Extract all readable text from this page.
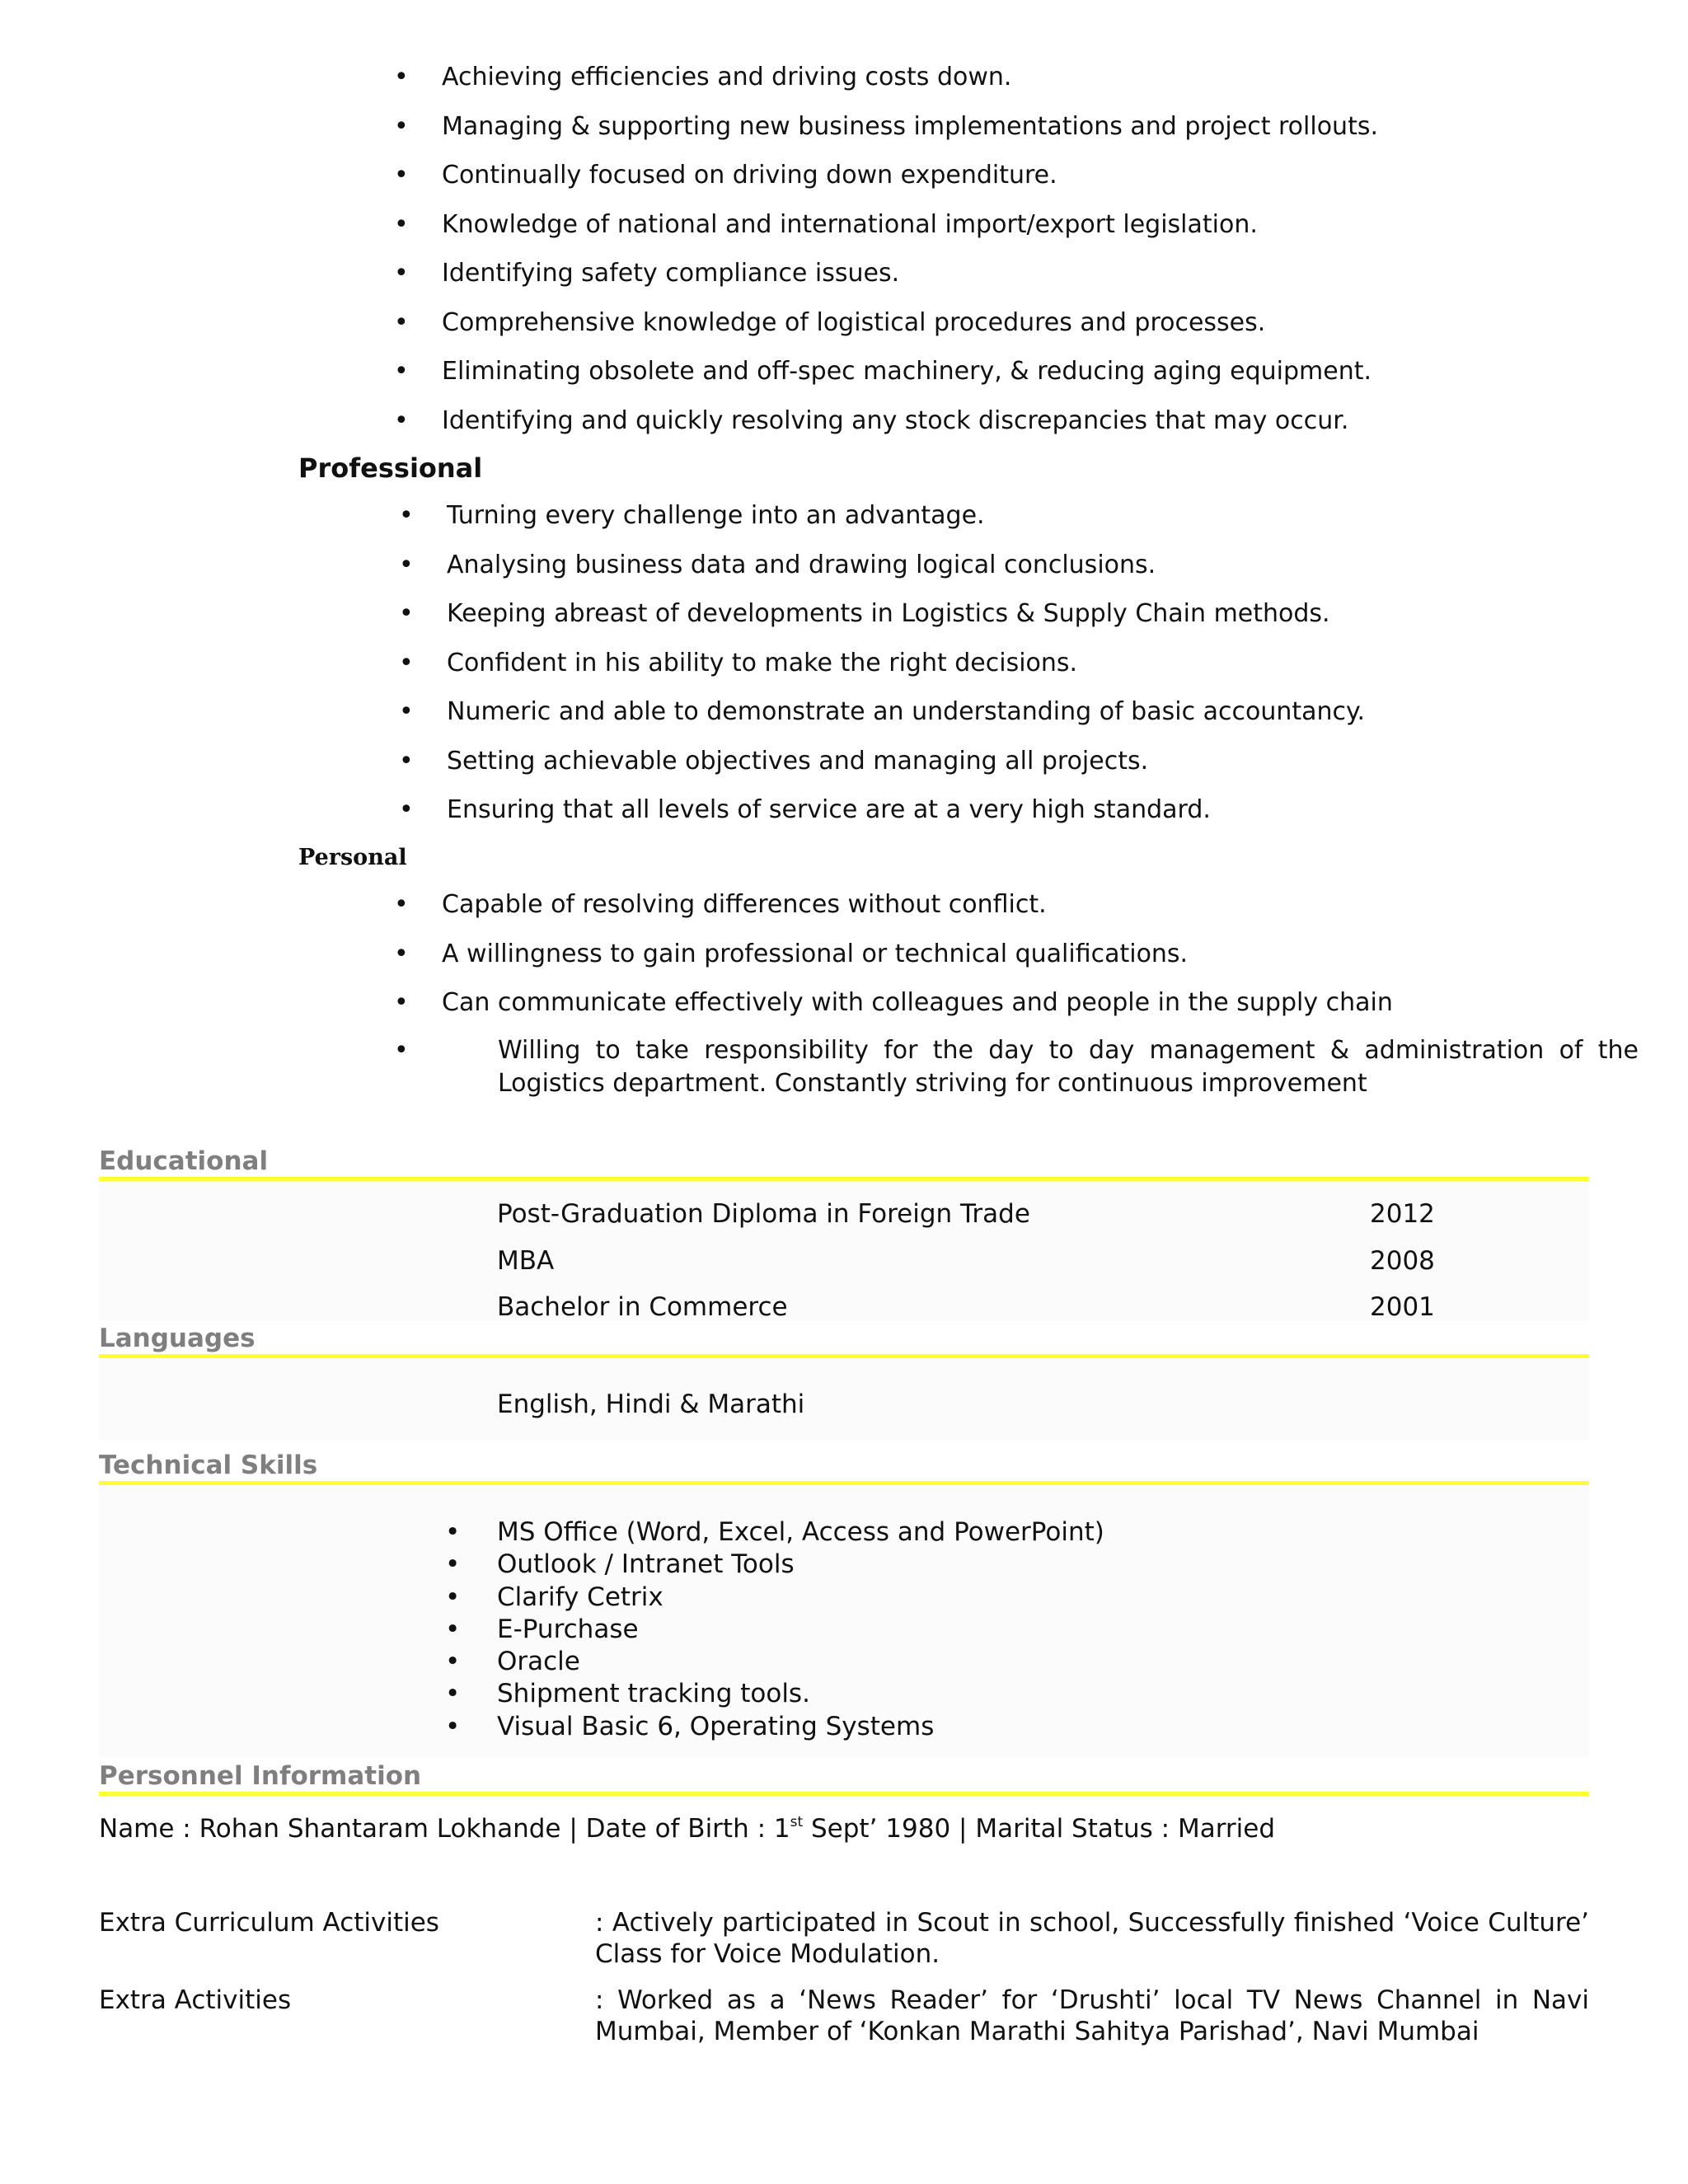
• Achieving efficiencies and driving costs down.
• Managing & supporting new business implementations and project rollouts.
• Continually focused on driving down expenditure.
• Knowledge of national and international import/export legislation.
• Identifying safety compliance issues.
• Comprehensive knowledge of logistical procedures and processes.
• Eliminating obsolete and off-spec machinery, & reducing aging equipment.
• Identifying and quickly resolving any stock discrepancies that may occur.
Professional
• Turning every challenge into an advantage.
• Analysing business data and drawing logical conclusions.
• Keeping abreast of developments in Logistics & Supply Chain methods.
• Confident in his ability to make the right decisions.
• Numeric and able to demonstrate an understanding of basic accountancy.
• Setting achievable objectives and managing all projects.
• Ensuring that all levels of service are at a very high standard.
Personal
• Capable of resolving differences without conflict.
• A willingness to gain professional or technical qualifications.
• Can communicate effectively with colleagues and people in the supply chain
•	Willing to take responsibility for the day to day management & administration of the Logistics department. Constantly striving for continuous improvement
Educational
Post-Graduation Diploma in Foreign Trade	2012
MBA	2008
Bachelor in Commerce	2001
Languages
English, Hindi & Marathi
Technical Skills
• MS Office (Word, Excel, Access and PowerPoint)
• Outlook / Intranet Tools
• Clarify Cetrix
• E-Purchase
• Oracle
• Shipment tracking tools.
• Visual Basic 6, Operating Systems
Personnel Information
Name : Rohan Shantaram Lokhande | Date of Birth : 1st Sept’ 1980 | Marital Status : Married
Extra Curriculum Activities	: Actively participated in Scout in school, Successfully finished ‘Voice Culture’ Class for Voice Modulation.
Extra Activities	: Worked as a ‘News Reader’ for ‘Drushti’ local TV News Channel in Navi Mumbai, Member of ‘Konkan Marathi Sahitya Parishad’, Navi Mumbai
